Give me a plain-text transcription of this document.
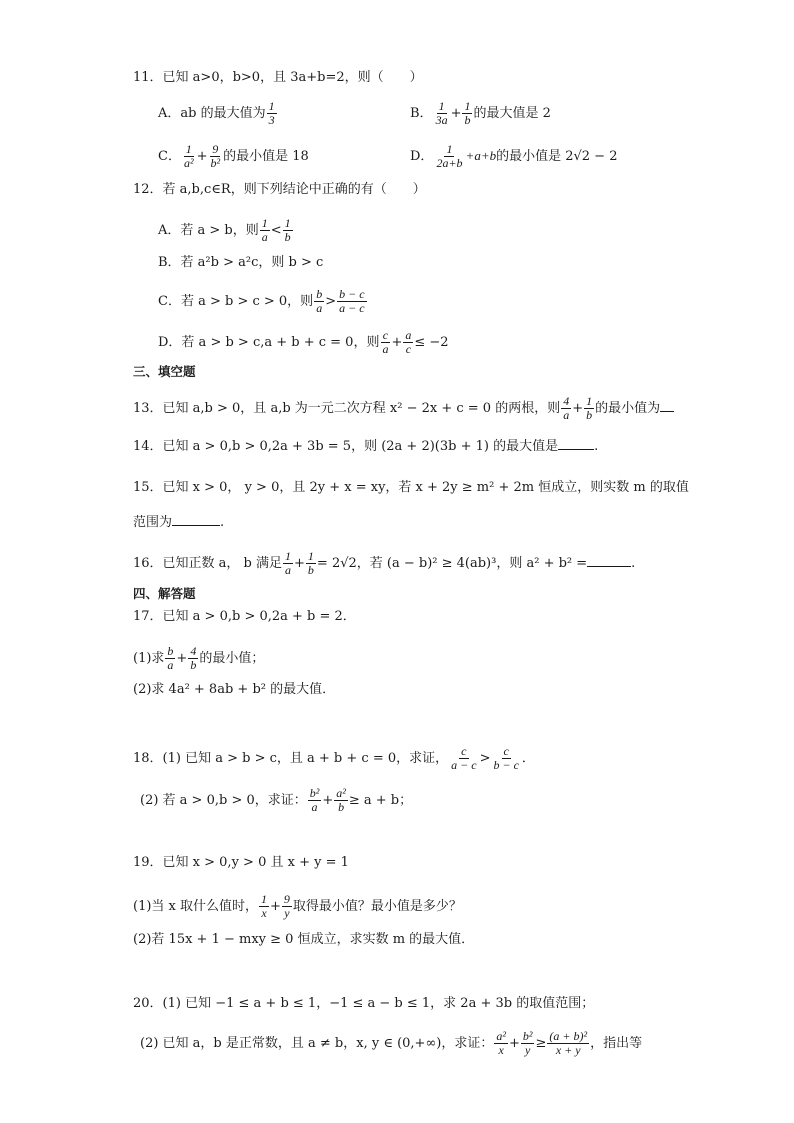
11．已知 a>0，b>0，且 3a+b=2，则（　　）
A．ab 的最大值为 $\frac{1}{3}$	B． $\frac{1}{3a} + \frac{1}{b}$ 的最大值是 2
C． $\frac{1}{\text{a²}} + \frac{9}{\text{b²}}$ 的最小值是 18	D． $\frac{1}{2a+b} +a+b$的最小值是 2√2 − 2
12．若 a,b,c∈R，则下列结论中正确的有（　　）
A．若 a > b，则 $\frac{1}{a} < \frac{1}{b}$
B．若 a²b > a²c，则 b > c
C．若 a > b > c > 0，则 $\frac{b}{a} > \frac{b - c}{a - c}$
D．若 a > b > c,a + b + c = 0，则 $\frac{c}{a} + \frac{a}{c} \le -2$
三、填空题
13．已知 a,b > 0，且 a,b 为一元二次方程 x² − 2x + c = 0 的两根，则 $\frac{4}{a} + \frac{1}{b}$ 的最小值为
14．已知 a > 0,b > 0,2a + 3b = 5，则 (2a + 2)(3b + 1) 的最大值是	.
15．已知 x > 0， y > 0，且 2y + x = xy，若 x + 2y ≥ m² + 2m 恒成立，则实数 m 的取值
范围为	.
16．已知正数 a， b 满足 $\frac{1}{a} + \frac{1}{b} = 2√2$，若 (a − b)² ≥ 4(ab)³，则 a² + b² =	.
四、解答题
17．已知 a > 0,b > 0,2a + b = 2．
(1)求 $\frac{b}{a} + \frac{4}{b}$ 的最小值；
(2)求 4a² + 8ab + b² 的最大值．
18．(1) 已知 a > b > c，且 a + b + c = 0，求证， $\frac{c}{a - c} > \frac{c}{b - c}$ ．
(2) 若 a > 0,b > 0，求证： $\frac{\text{b²}}{a} + \frac{\text{a²}}{b} \ge a + b$；
19．已知 x > 0,y > 0 且 x + y = 1
(1)当 x 取什么值时， $\frac{1}{x} + \frac{9}{y}$ 取得最小值？最小值是多少？
(2)若 15x + 1 − mxy ≥ 0 恒成立，求实数 m 的最大值．
20．(1) 已知 −1 ≤ a + b ≤ 1，−1 ≤ a − b ≤ 1，求 2a + 3b 的取值范围；
(2) 已知 a，b 是正常数，且 a ≠ b，x, y ∈ (0,+∞)，求证： $\frac{\text{a²}}{x} + \frac{\text{b²}}{y} \ge \frac{\text{(a + b)²}}{x + y}$ ，指出等
